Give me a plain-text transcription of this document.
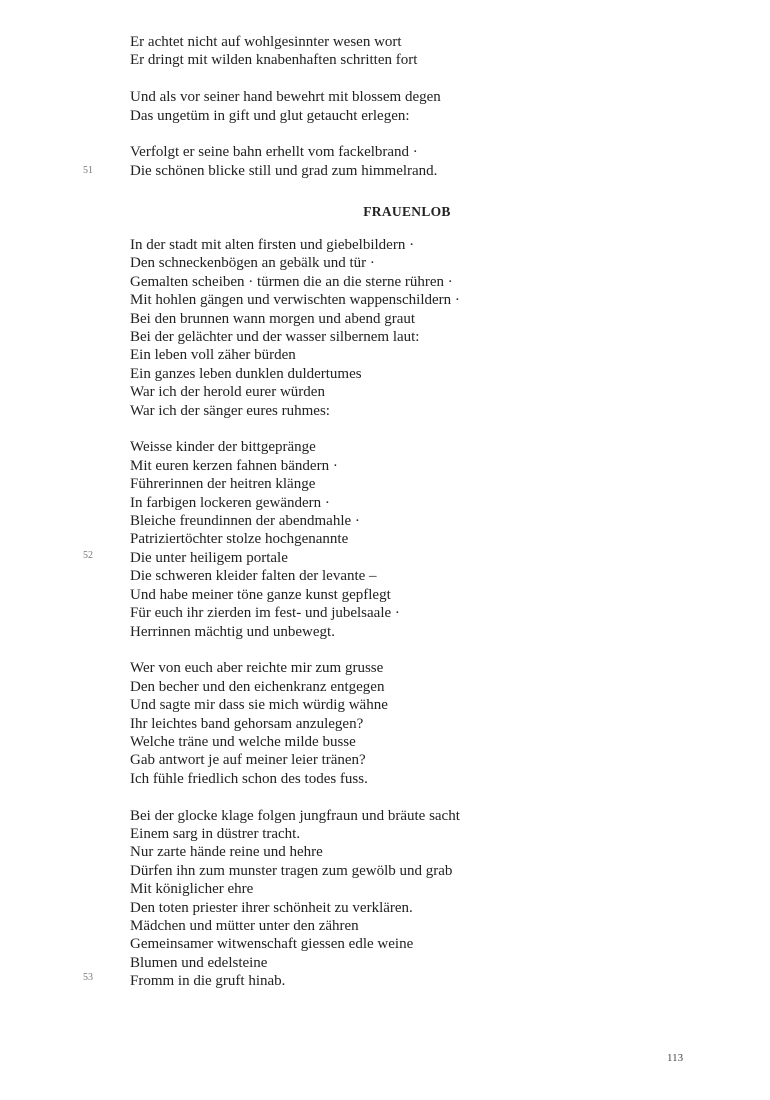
Er achtet nicht auf wohlgesinnter wesen wort
Er dringt mit wilden knabenhaften schritten fort
Und als vor seiner hand bewehrt mit blossem degen
Das ungetüm in gift und glut getaucht erlegen:
Verfolgt er seine bahn erhellt vom fackelbrand ·
Die schönen blicke still und grad zum himmelrand.
51
FRAUENLOB
In der stadt mit alten firsten und giebelbildern ·
Den schneckenbögen an gebälk und tür ·
Gemalten scheiben · türmen die an die sterne rühren ·
Mit hohlen gängen und verwischten wappenschildern ·
Bei den brunnen wann morgen und abend graut
Bei der gelächter und der wasser silbernem laut:
Ein leben voll zäher bürden
Ein ganzes leben dunklen duldertumes
War ich der herold eurer würden
War ich der sänger eures ruhmes:
Weisse kinder der bittgepränge
Mit euren kerzen fahnen bändern ·
Führerinnen der heitren klänge
In farbigen lockeren gewändern ·
Bleiche freundinnen der abendmahle ·
Patriziertöchter stolze hochgenannte
Die unter heiligem portale
Die schweren kleider falten der levante –
Und habe meiner töne ganze kunst gepflegt
Für euch ihr zierden im fest- und jubelsaale ·
Herrinnen mächtig und unbewegt.
Wer von euch aber reichte mir zum grusse
Den becher und den eichenkranz entgegen
Und sagte mir dass sie mich würdig wähne
Ihr leichtes band gehorsam anzulegen?
Welche träne und welche milde busse
Gab antwort je auf meiner leier tränen?
Ich fühle friedlich schon des todes fuss.
Bei der glocke klage folgen jungfraun und bräute sacht
Einem sarg in düstrer tracht.
Nur zarte hände reine und hehre
Dürfen ihn zum munster tragen zum gewölb und grab
Mit königlicher ehre
Den toten priester ihrer schönheit zu verklären.
Mädchen und mütter unter den zähren
Gemeinsamer witwenschaft giessen edle weine
Blumen und edelsteine
Fromm in die gruft hinab.
52
53
113
